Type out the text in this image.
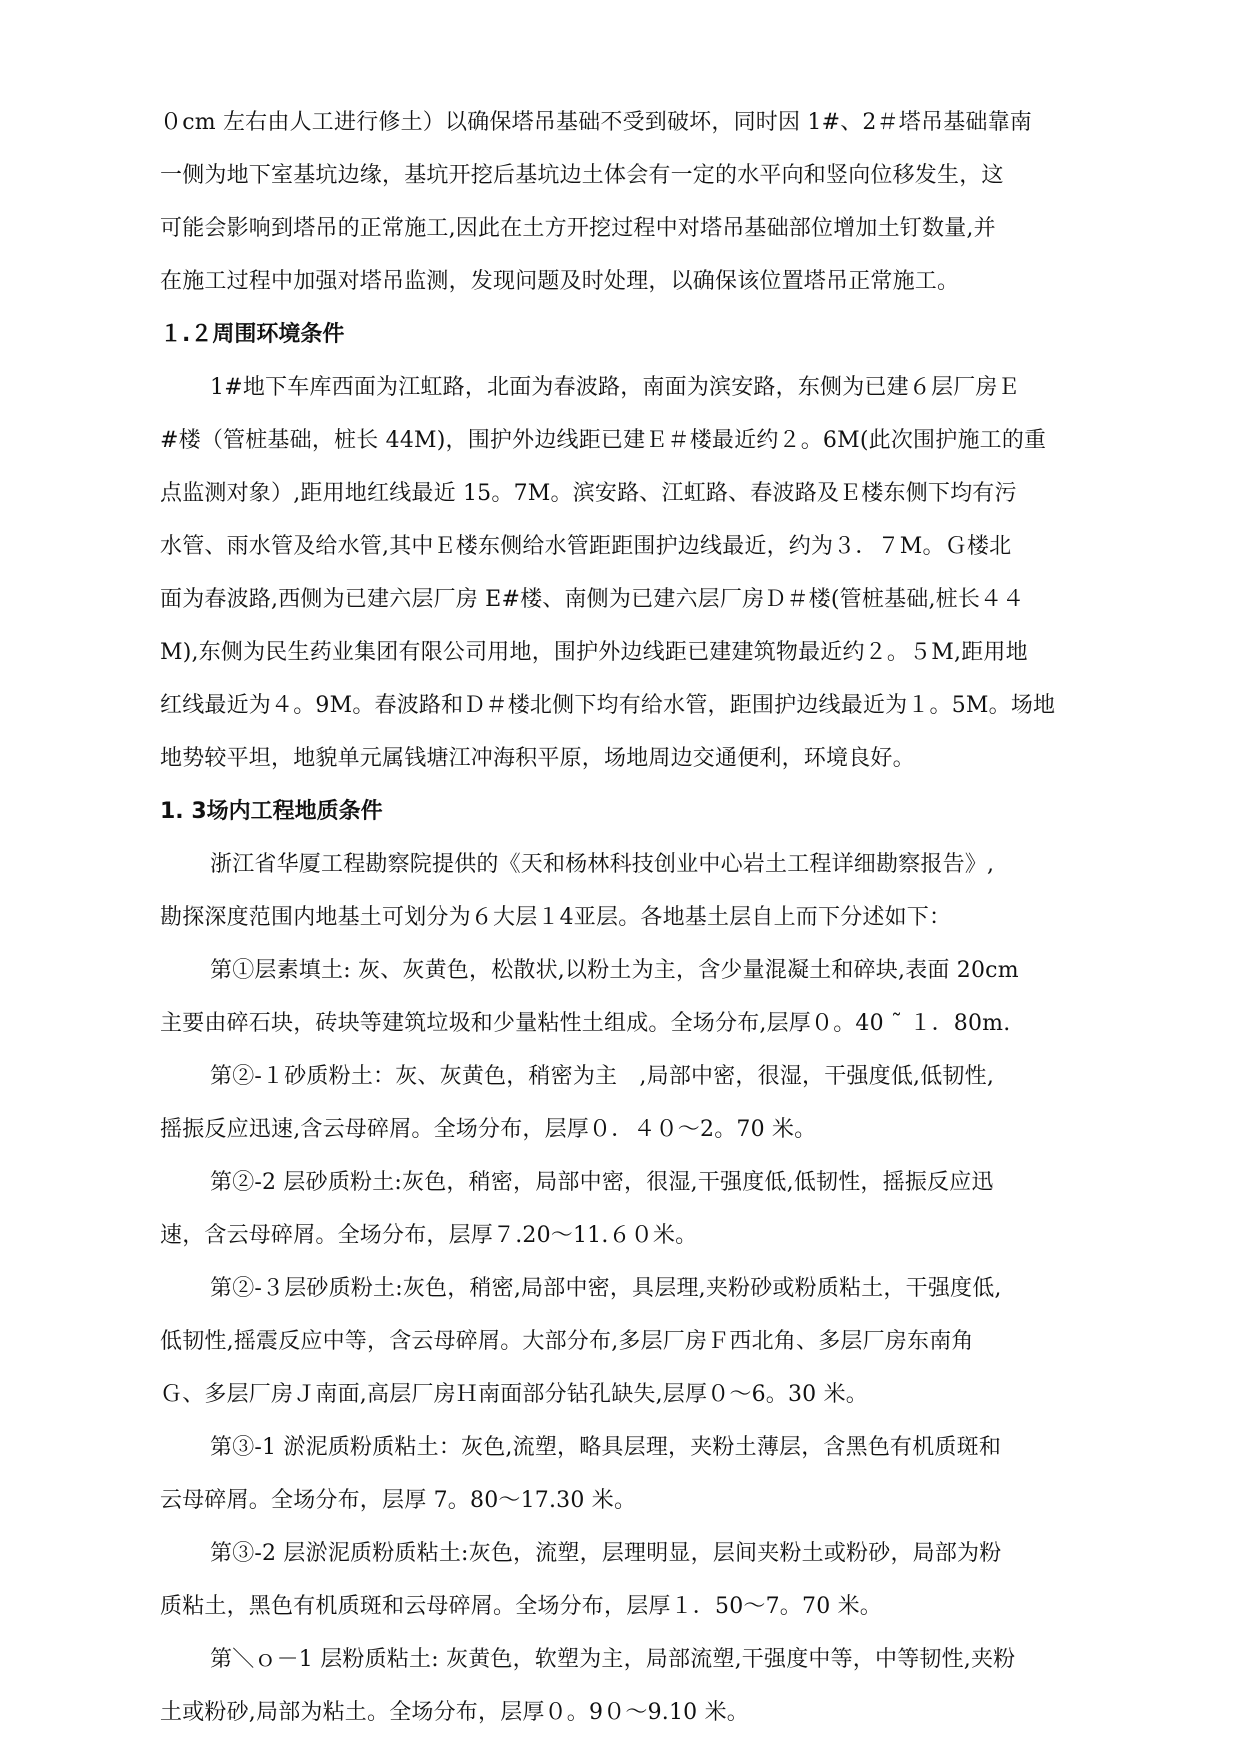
０cm 左右由人工进行修土）以确保塔吊基础不受到破坏，同时因 1#、2＃塔吊基础靠南
一侧为地下室基坑边缘，基坑开挖后基坑边土体会有一定的水平向和竖向位移发生，这
可能会影响到塔吊的正常施工,因此在土方开挖过程中对塔吊基础部位增加土钉数量,并
在施工过程中加强对塔吊监测，发现问题及时处理，以确保该位置塔吊正常施工。
１.２周围环境条件
1#地下车库西面为江虹路，北面为春波路，南面为滨安路，东侧为已建６层厂房Ｅ
#楼（管桩基础，桩长 44M)，围护外边线距已建Ｅ＃楼最近约２。6M(此次围护施工的重
点监测对象）,距用地红线最近 15。7M。滨安路、江虹路、春波路及Ｅ楼东侧下均有污
水管、雨水管及给水管,其中Ｅ楼东侧给水管距距围护边线最近，约为３．７M。Ｇ楼北
面为春波路,西侧为已建六层厂房 E#楼、南侧为已建六层厂房Ｄ＃楼(管桩基础,桩长４４
M),东侧为民生药业集团有限公司用地，围护外边线距已建建筑物最近约２。５M,距用地
红线最近为４。9M。春波路和Ｄ＃楼北侧下均有给水管，距围护边线最近为１。5M。场地
地势较平坦，地貌单元属钱塘江冲海积平原，场地周边交通便利，环境良好。
1. 3场内工程地质条件
浙江省华厦工程勘察院提供的《天和杨林科技创业中心岩土工程详细勘察报告》,
勘探深度范围内地基土可划分为６大层１4亚层。各地基土层自上而下分述如下：
第①层素填土: 灰、灰黄色，松散状,以粉土为主，含少量混凝土和碎块,表面 20cm
主要由碎石块，砖块等建筑垃圾和少量粘性土组成。全场分布,层厚０。40 ˜ １．80m.
第②-１砂质粉土：灰、灰黄色，稍密为主　,局部中密，很湿，干强度低,低韧性,
摇振反应迅速,含云母碎屑。全场分布，层厚０．４０～2。70 米。
第②-2 层砂质粉土:灰色，稍密，局部中密，很湿,干强度低,低韧性，摇振反应迅
速，含云母碎屑。全场分布，层厚７.20～11.６０米。
第②-３层砂质粉土:灰色，稍密,局部中密，具层理,夹粉砂或粉质粘土，干强度低,
低韧性,摇震反应中等，含云母碎屑。大部分布,多层厂房Ｆ西北角、多层厂房东南角
Ｇ、多层厂房Ｊ南面,高层厂房Ｈ南面部分钻孔缺失,层厚０～6。30 米。
第③-1 淤泥质粉质粘土：灰色,流塑，略具层理，夹粉土薄层，含黑色有机质斑和
云母碎屑。全场分布，层厚 7。80～17.30 米。
第③-2 层淤泥质粉质粘土:灰色，流塑，层理明显，层间夹粉土或粉砂，局部为粉
质粘土，黑色有机质斑和云母碎屑。全场分布，层厚１．50～7。70 米。
第＼ｏ－1 层粉质粘土: 灰黄色，软塑为主，局部流塑,干强度中等，中等韧性,夹粉
土或粉砂,局部为粘土。全场分布，层厚０。9０～9.10 米。
